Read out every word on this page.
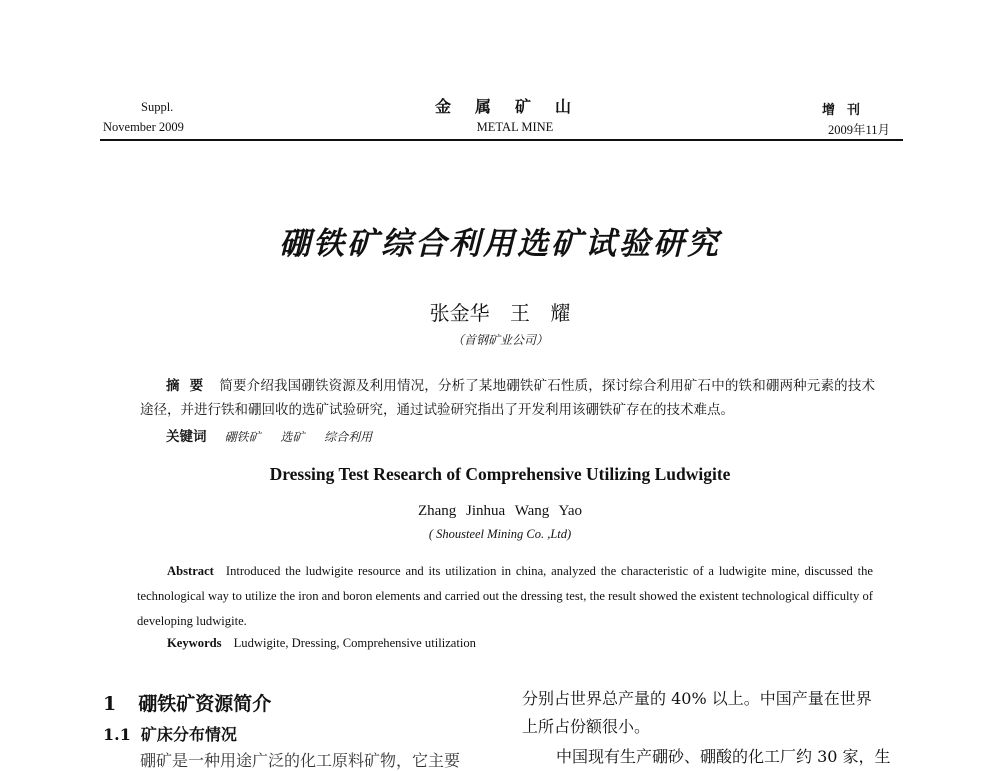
Suppl.
November 2009
金属矿山
METAL MINE
增刊
2009年11月
硼铁矿综合利用选矿试验研究
张金华 王 耀
（首钢矿业公司）
摘要 简要介绍我国硼铁资源及利用情况，分析了某地硼铁矿石性质，探讨综合利用矿石中的铁和硼两种元素的技术途径，并进行铁和硼回收的选矿试验研究，通过试验研究指出了开发利用该硼铁矿存在的技术难点。
关键词 硼铁矿 选矿 综合利用
Dressing Test Research of Comprehensive Utilizing Ludwigite
Zhang Jinhua Wang Yao
( Shousteel Mining Co. ,Ltd)
Abstract Introduced the ludwigite resource and its utilization in china, analyzed the characteristic of a ludwigite mine, discussed the technological way to utilize the iron and boron elements and carried out the dressing test, the result showed the existent technological difficulty of developing ludwigite.
Keywords Ludwigite, Dressing, Comprehensive utilization
1 硼铁矿资源简介
1.1 矿床分布情况
硼矿是一种用途广泛的化工原料矿物，它主要
分别占世界总产量的 40% 以上。中国产量在世界
上所占份额很小。
中国现有生产硼砂、硼酸的化工厂约 30 家，生
